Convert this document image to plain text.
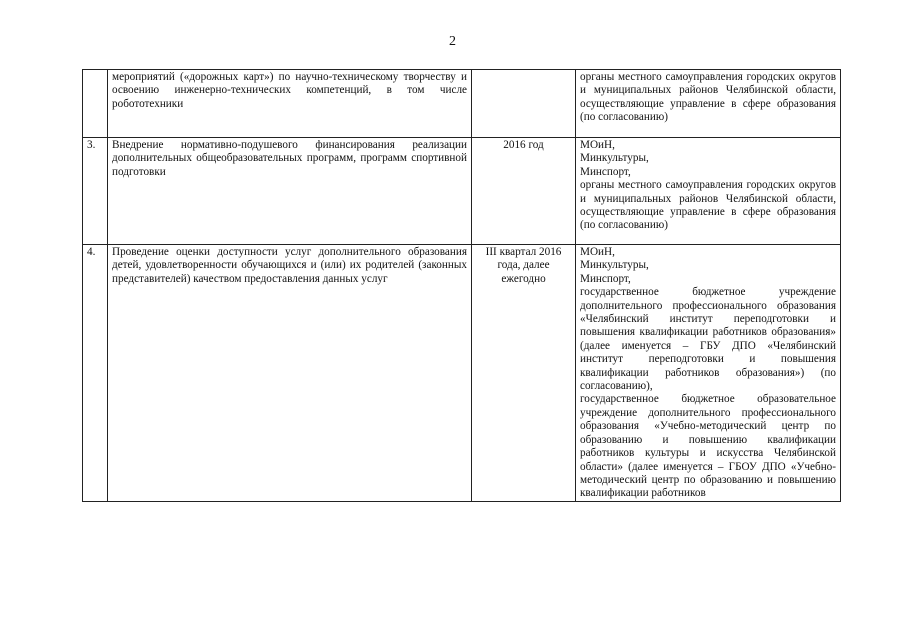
2
	мероприятий («дорожных карт») по научно-техническому творчеству и освоению инженерно-технических компетенций, в том числе робототехники		органы местного самоуправления городских округов и муниципальных районов Челябинской области, осуществляющие управление в сфере образования (по согласованию)
3.	Внедрение нормативно-подушевого финансирования реализации дополнительных общеобразовательных программ, программ спортивной подготовки	2016 год	МОиН,
Минкультуры,
Минспорт,
органы местного самоуправления городских округов и муниципальных районов Челябинской области, осуществляющие управление в сфере образования (по согласованию)

4.	Проведение оценки доступности услуг дополнительного образования детей, удовлетворенности обучающихся и (или) их родителей (законных представителей) качеством предоставления данных услуг	III квартал 2016 года, далее ежегодно	МОиН,
Минкультуры,
Минспорт,
государственное бюджетное учреждение дополнительного профессионального образования «Челябинский институт переподготовки и повышения квалификации работников образования» (далее именуется – ГБУ ДПО «Челябинский институт переподготовки и повышения квалификации работников образования») (по согласованию),
государственное бюджетное образовательное учреждение дополнительного профессионального образования «Учебно-методический центр по образованию и повышению квалификации работников культуры и искусства Челябинской области» (далее именуется – ГБОУ ДПО «Учебно-методический центр по образованию и повышению квалификации работников
